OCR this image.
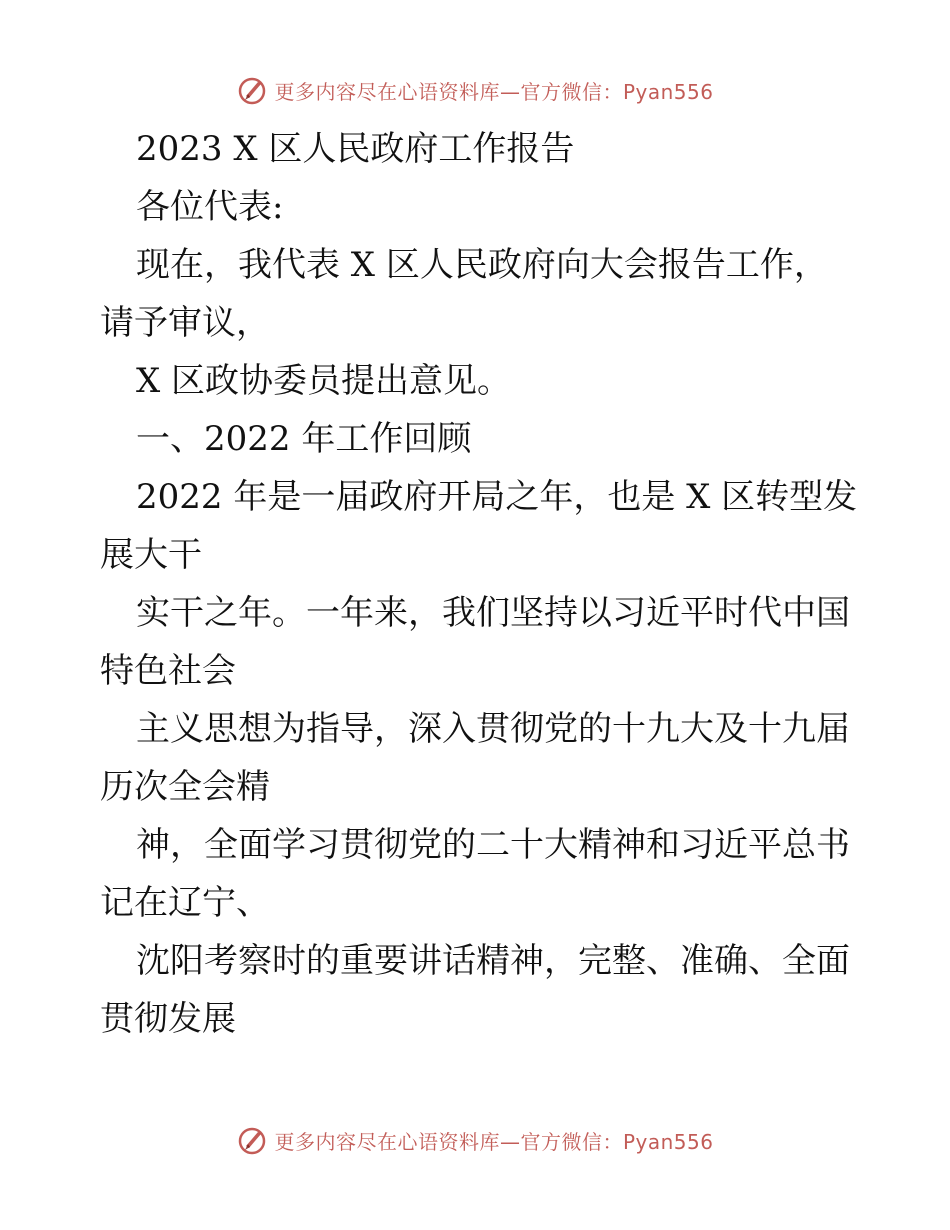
更多内容尽在心语资料库—官方微信：Pyan556
2023 X 区人民政府工作报告
各位代表:
现在，我代表 X 区人民政府向大会报告工作，
请予审议，
X 区政协委员提出意见。
一、2022 年工作回顾
2022 年是一届政府开局之年，也是 X 区转型发
展大干
实干之年。一年来，我们坚持以习近平时代中国
特色社会
主义思想为指导，深入贯彻党的十九大及十九届
历次全会精
神，全面学习贯彻党的二十大精神和习近平总书
记在辽宁、
沈阳考察时的重要讲话精神，完整、准确、全面
贯彻发展
更多内容尽在心语资料库—官方微信：Pyan556
